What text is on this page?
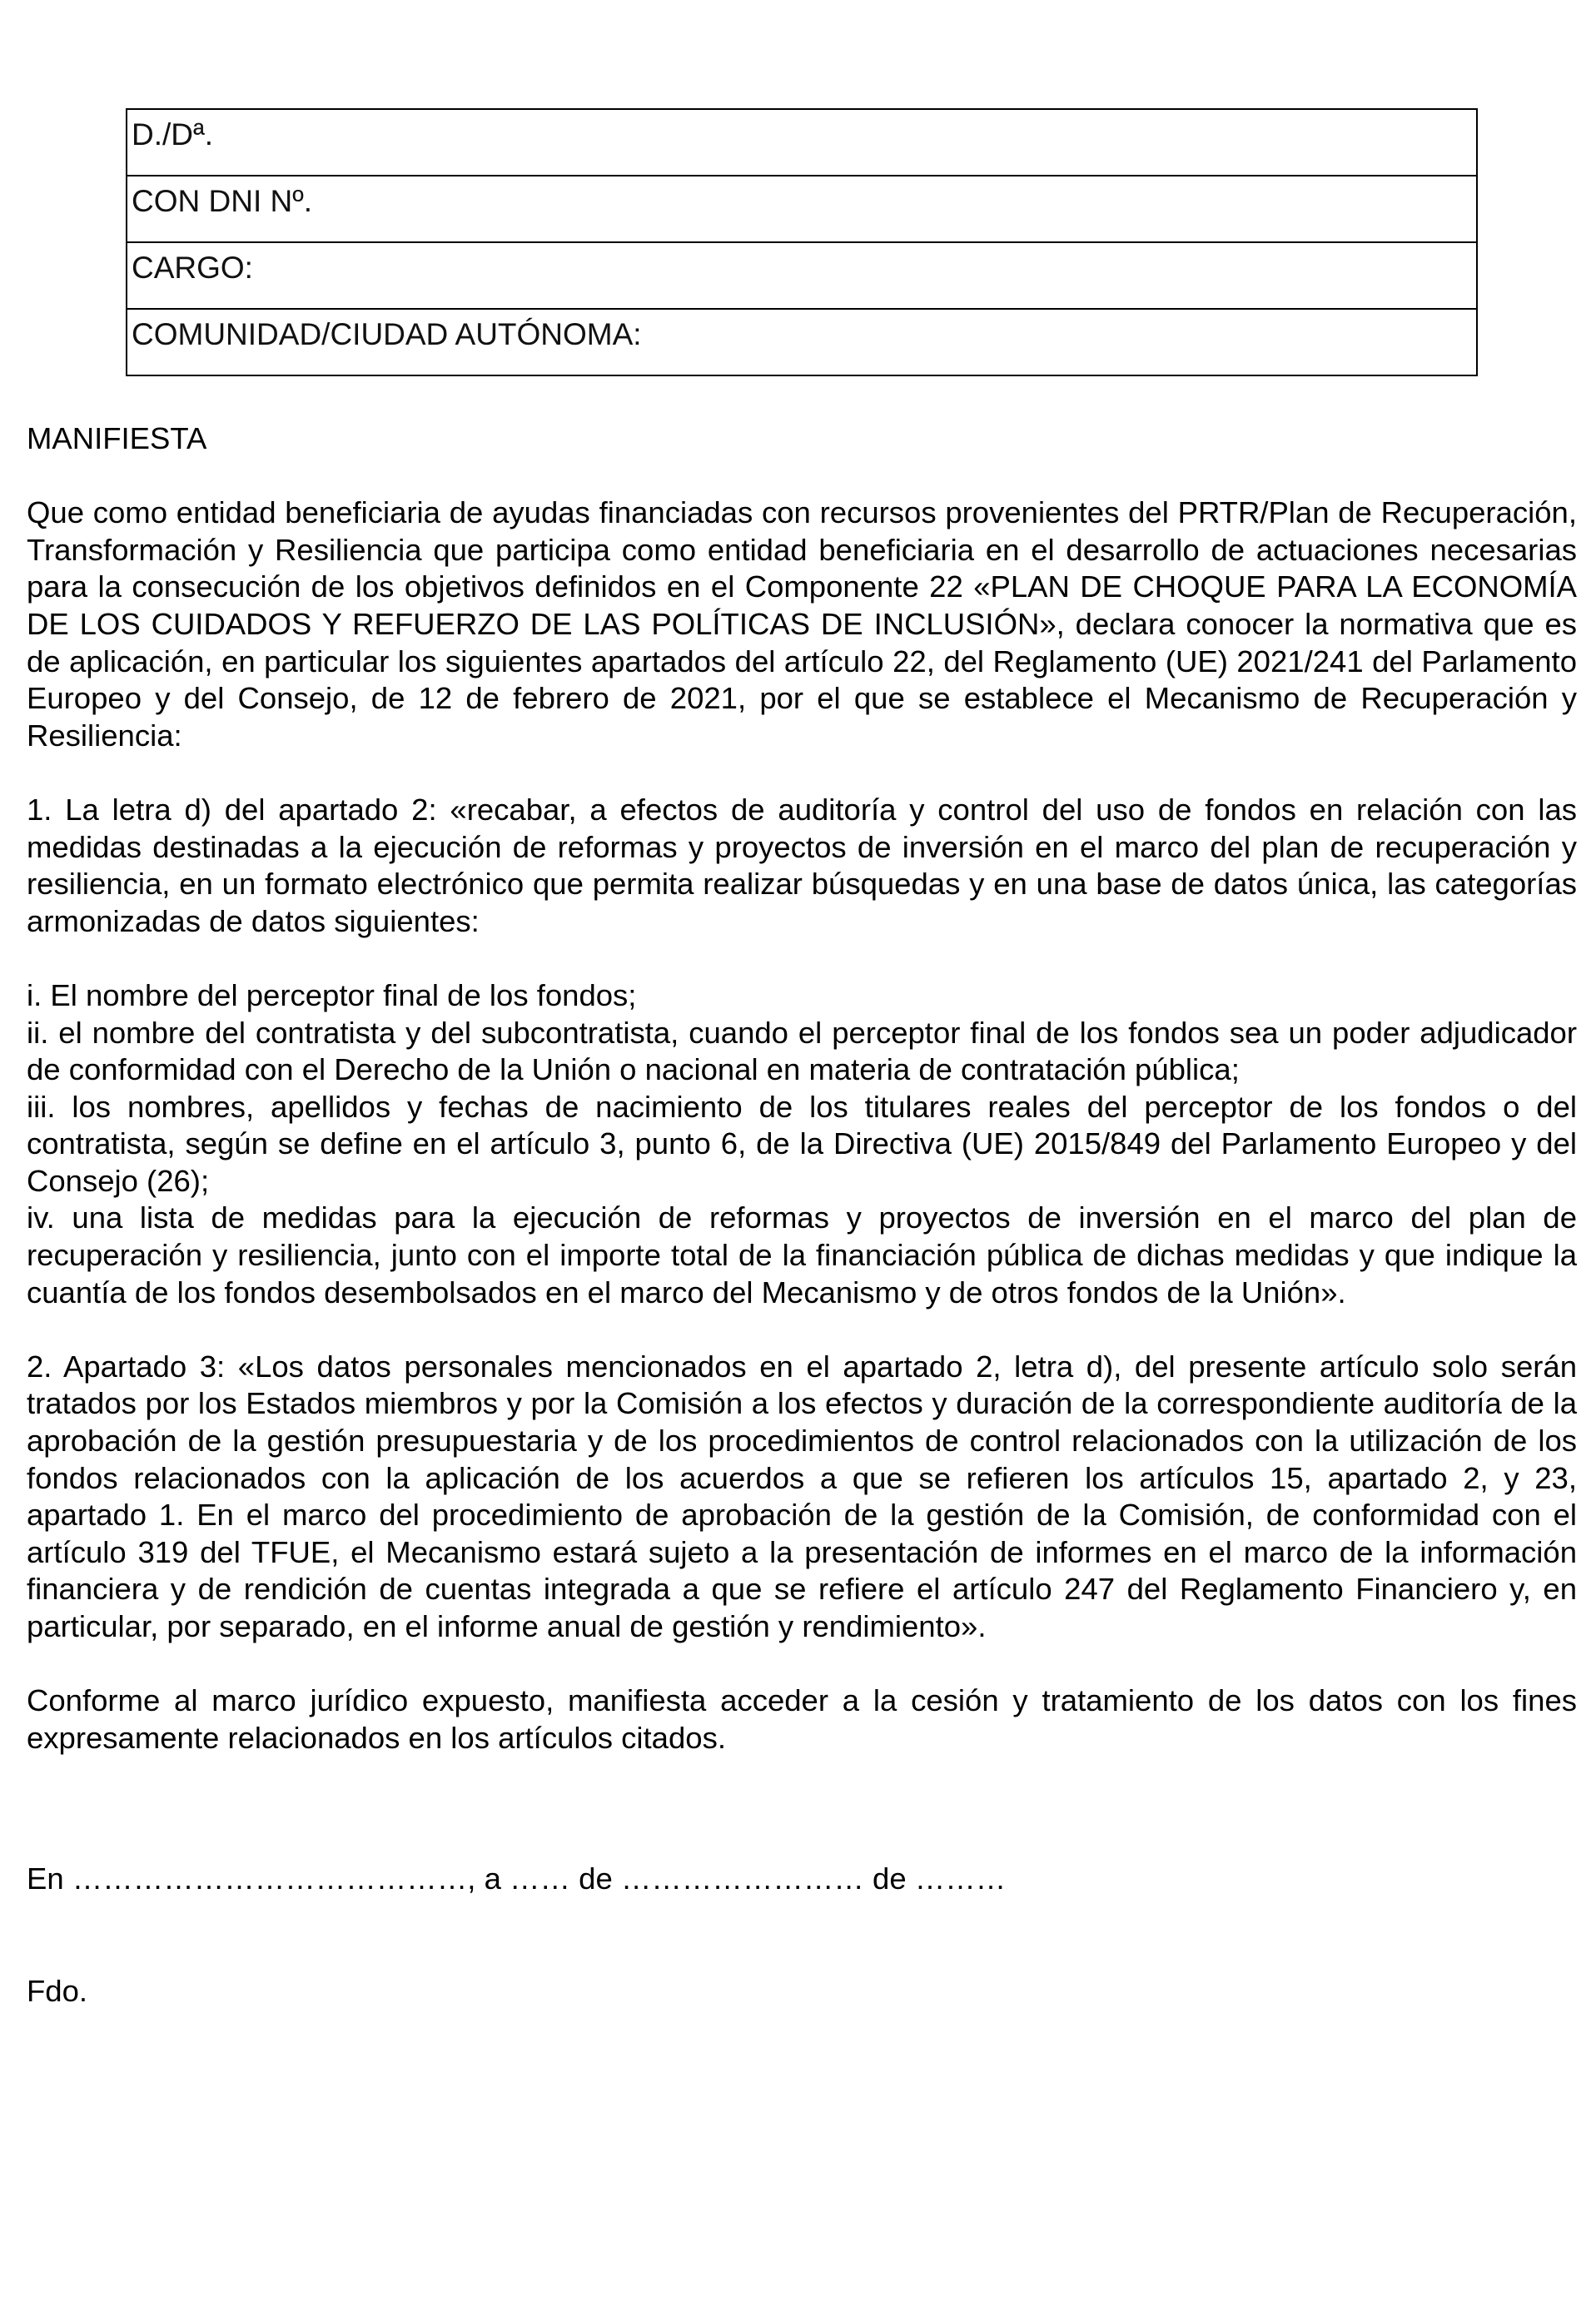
D./Dª.
CON DNI Nº.
CARGO:
COMUNIDAD/CIUDAD AUTÓNOMA:

MANIFIESTA

Que como entidad beneficiaria de ayudas financiadas con recursos provenientes del PRTR/Plan de Recuperación, Transformación y Resiliencia que participa como entidad beneficiaria en el desarrollo de actuaciones necesarias para la consecución de los objetivos definidos en el Componente 22 «PLAN DE CHOQUE PARA LA ECONOMÍA DE LOS CUIDADOS Y REFUERZO DE LAS POLÍTICAS DE INCLUSIÓN», declara conocer la normativa que es de aplicación, en particular los siguientes apartados del artículo 22, del Reglamento (UE) 2021/241 del Parlamento Europeo y del Consejo, de 12 de febrero de 2021, por el que se establece el Mecanismo de Recuperación y Resiliencia:

1. La letra d) del apartado 2: «recabar, a efectos de auditoría y control del uso de fondos en relación con las medidas destinadas a la ejecución de reformas y proyectos de inversión en el marco del plan de recuperación y resiliencia, en un formato electrónico que permita realizar búsquedas y en una base de datos única, las categorías armonizadas de datos siguientes:

i. El nombre del perceptor final de los fondos;

ii. el nombre del contratista y del subcontratista, cuando el perceptor final de los fondos sea un poder adjudicador de conformidad con el Derecho de la Unión o nacional en materia de contratación pública;

iii. los nombres, apellidos y fechas de nacimiento de los titulares reales del perceptor de los fondos o del contratista, según se define en el artículo 3, punto 6, de la Directiva (UE) 2015/849 del Parlamento Europeo y del Consejo (26);

iv. una lista de medidas para la ejecución de reformas y proyectos de inversión en el marco del plan de recuperación y resiliencia, junto con el importe total de la financiación pública de dichas medidas y que indique la cuantía de los fondos desembolsados en el marco del Mecanismo y de otros fondos de la Unión».

2. Apartado 3: «Los datos personales mencionados en el apartado 2, letra d), del presente artículo solo serán tratados por los Estados miembros y por la Comisión a los efectos y duración de la correspondiente auditoría de la aprobación de la gestión presupuestaria y de los procedimientos de control relacionados con la utilización de los fondos relacionados con la aplicación de los acuerdos a que se refieren los artículos 15, apartado 2, y 23, apartado 1. En el marco del procedimiento de aprobación de la gestión de la Comisión, de conformidad con el artículo 319 del TFUE, el Mecanismo estará sujeto a la presentación de informes en el marco de la información financiera y de rendición de cuentas integrada a que se refiere el artículo 247 del Reglamento Financiero y, en particular, por separado, en el informe anual de gestión y rendimiento».

Conforme al marco jurídico expuesto, manifiesta acceder a la cesión y tratamiento de los datos con los fines expresamente relacionados en los artículos citados.

En …………………………………, a …… de …………………… de ………
Fdo.
